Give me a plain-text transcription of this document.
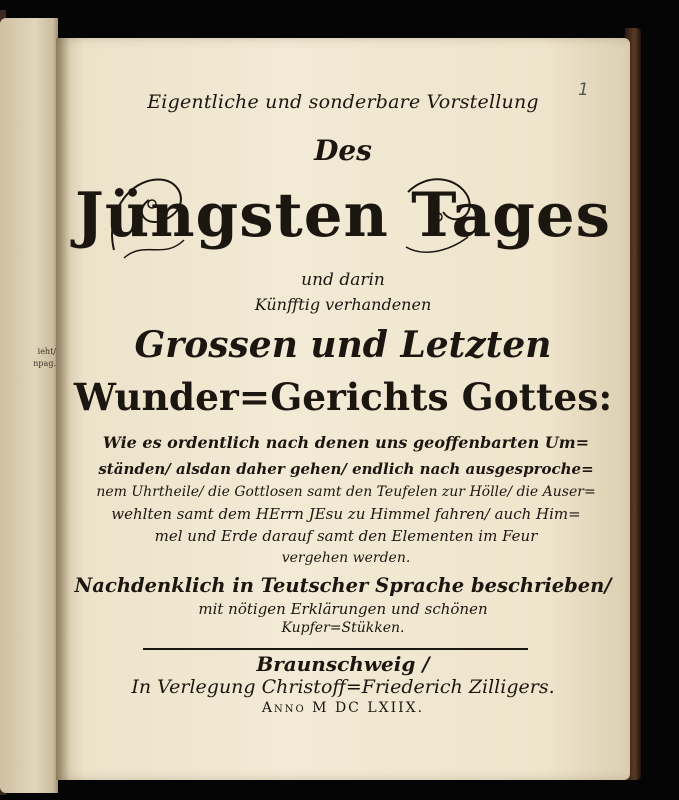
ieht/
npag.
1
Eigentliche und sonderbare Vorstellung
Des
Jüngsten Tages
und darin
Künfftig verhandenen
Grossen und Letzten
Wunder=Gerichts Gottes:
Wie es ordentlich nach denen uns geoffenbarten Um=
ständen/ alsdan daher gehen/ endlich nach ausgesproche=
nem Uhrtheile/ die Gottlosen samt den Teufelen zur Hölle/ die Auser=
wehlten samt dem HErrn JEsu zu Himmel fahren/ auch Him=
mel und Erde darauf samt den Elementen im Feur
vergehen werden.
Nachdenklich in Teutscher Sprache beschrieben/
mit nötigen Erklärungen und schönen
Kupfer=Stükken.
Braunschweig /
In Verlegung Christoff=Friederich Zilligers.
Anno M DC LXIIX.
